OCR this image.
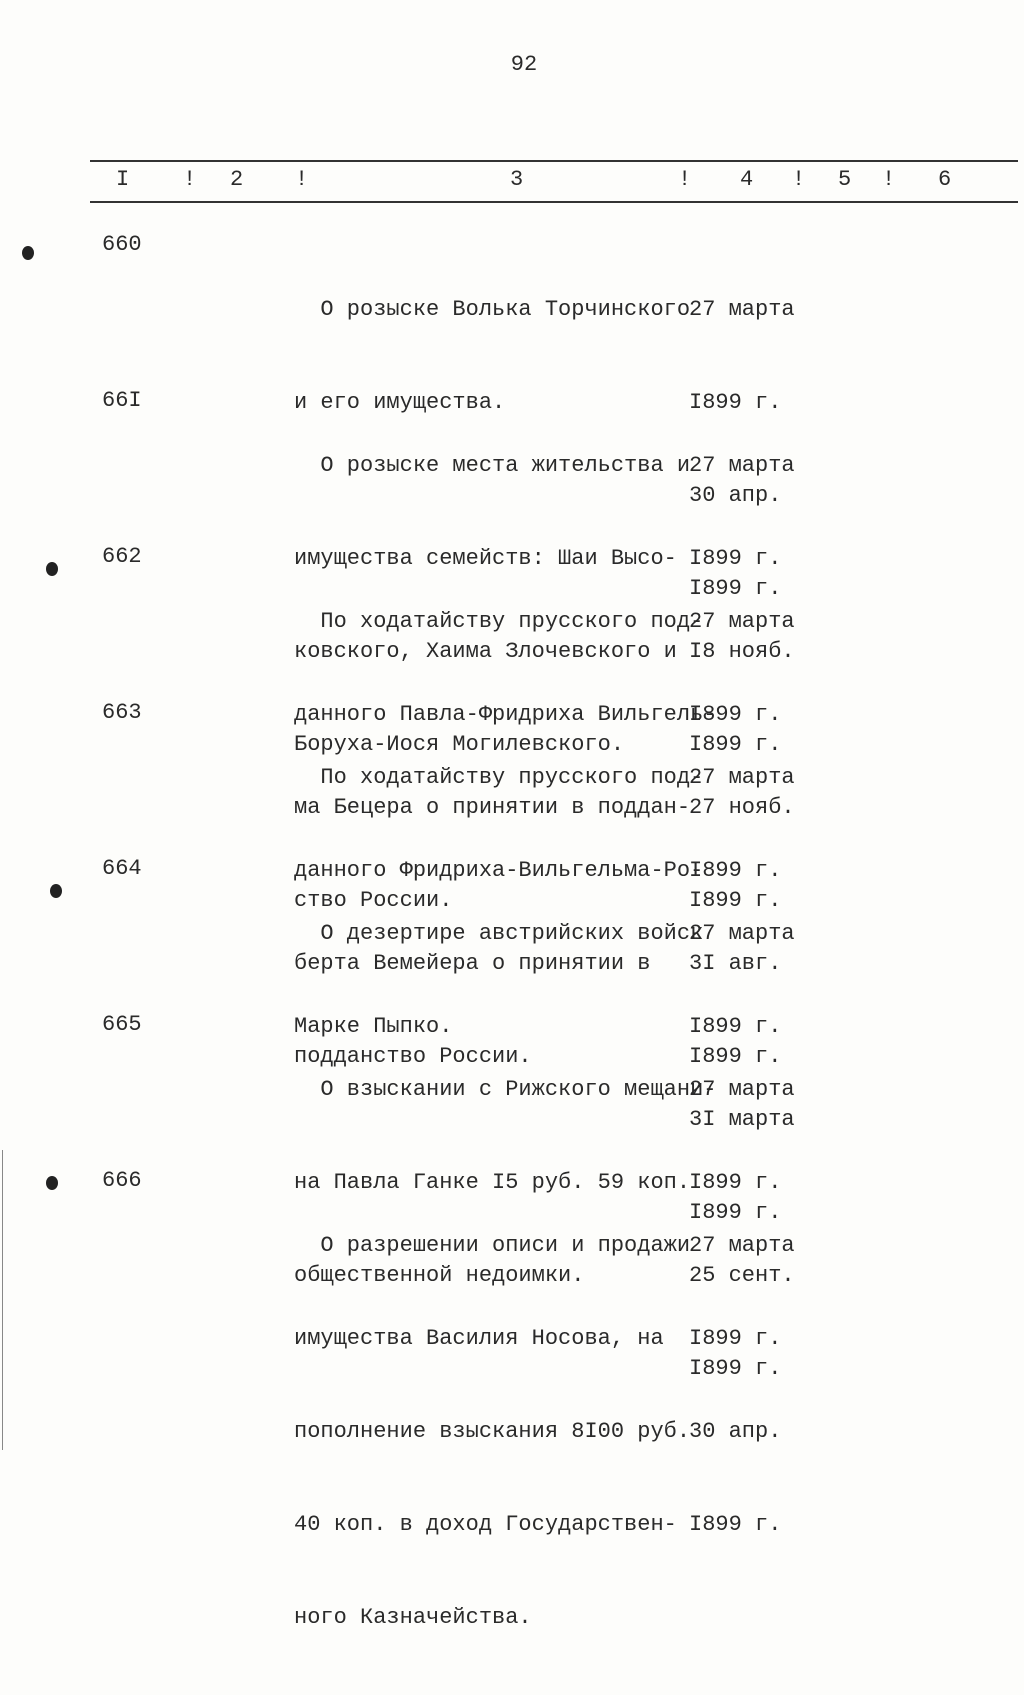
92
I ! 2 !	3	! 4 ! 5 ! 6
660

О розыске Волька Торчинского

и его имущества.

27 марта

I899 г.

30 апр.

I899 г.

66I

О розыске места жительства и

имущества семейств: Шаи Высо-

ковского, Хаима Злочевского и

Боруха-Иося Могилевского.

27 марта

I899 г.

I8 нояб.

I899 г.

662

По ходатайству прусского под-

данного Павла-Фридриха Вильгель-

ма Бецера о принятии в поддан-

ство России.

27 марта

I899 г.

27 нояб.

I899 г.

663

По ходатайству прусского под-

данного Фридриха-Вильгельма-Ро-

берта Вемейера о принятии в

подданство России.

27 марта

I899 г.

3I авг.

I899 г.

664

О дезертире австрийских войск

Марке Пыпко.

27 марта

I899 г.

3I марта

I899 г.

665

О взыскании с Рижского мещани-

на Павла Ганке I5 руб. 59 коп.

общественной недоимки.

27 марта

I899 г.

25 сент.

I899 г.

666

О разрешении описи и продажи

имущества Василия Носова, на

пополнение взыскания 8I00 руб.

40 коп. в доход Государствен-

ного Казначейства.

27 марта

I899 г.

30 апр.

I899 г.
